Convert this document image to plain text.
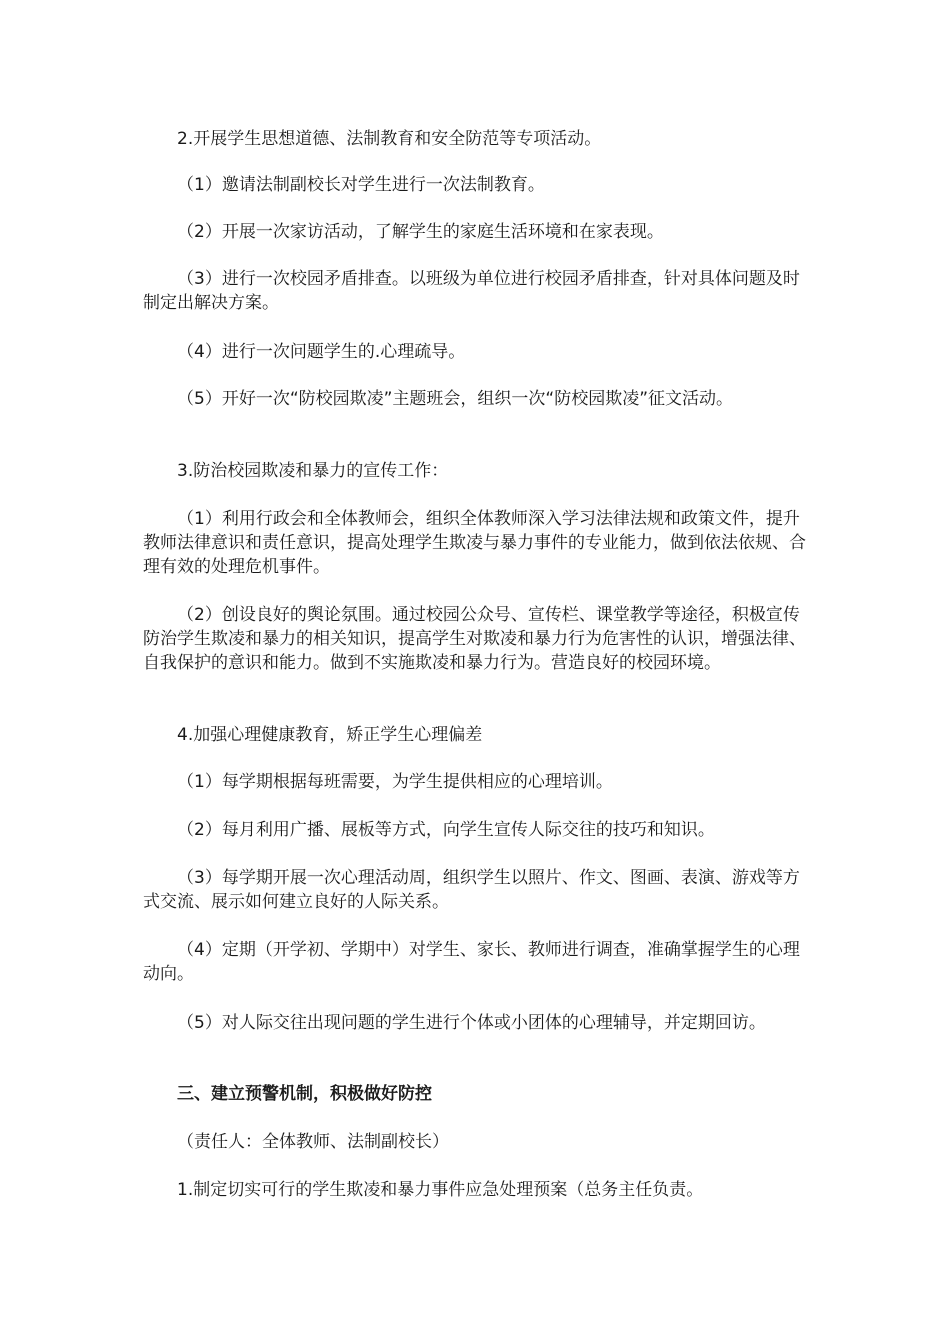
2.开展学生思想道德、法制教育和安全防范等专项活动。

（1）邀请法制副校长对学生进行一次法制教育。

（2）开展一次家访活动，了解学生的家庭生活环境和在家表现。

（3）进行一次校园矛盾排查。以班级为单位进行校园矛盾排查，针对具体问题及时制定出解决方案。

（4）进行一次问题学生的.心理疏导。

（5）开好一次“防校园欺凌”主题班会，组织一次“防校园欺凌”征文活动。

3.防治校园欺凌和暴力的宣传工作：

（1）利用行政会和全体教师会，组织全体教师深入学习法律法规和政策文件，提升教师法律意识和责任意识，提高处理学生欺凌与暴力事件的专业能力，做到依法依规、合理有效的处理危机事件。

（2）创设良好的舆论氛围。通过校园公众号、宣传栏、课堂教学等途径，积极宣传防治学生欺凌和暴力的相关知识，提高学生对欺凌和暴力行为危害性的认识，增强法律、自我保护的意识和能力。做到不实施欺凌和暴力行为。营造良好的校园环境。

4.加强心理健康教育，矫正学生心理偏差

（1）每学期根据每班需要，为学生提供相应的心理培训。

（2）每月利用广播、展板等方式，向学生宣传人际交往的技巧和知识。

（3）每学期开展一次心理活动周，组织学生以照片、作文、图画、表演、游戏等方式交流、展示如何建立良好的人际关系。

（4）定期（开学初、学期中）对学生、家长、教师进行调查，准确掌握学生的心理动向。

（5）对人际交往出现问题的学生进行个体或小团体的心理辅导，并定期回访。

三、建立预警机制，积极做好防控

（责任人：全体教师、法制副校长）

1.制定切实可行的学生欺凌和暴力事件应急处理预案（总务主任负责。
